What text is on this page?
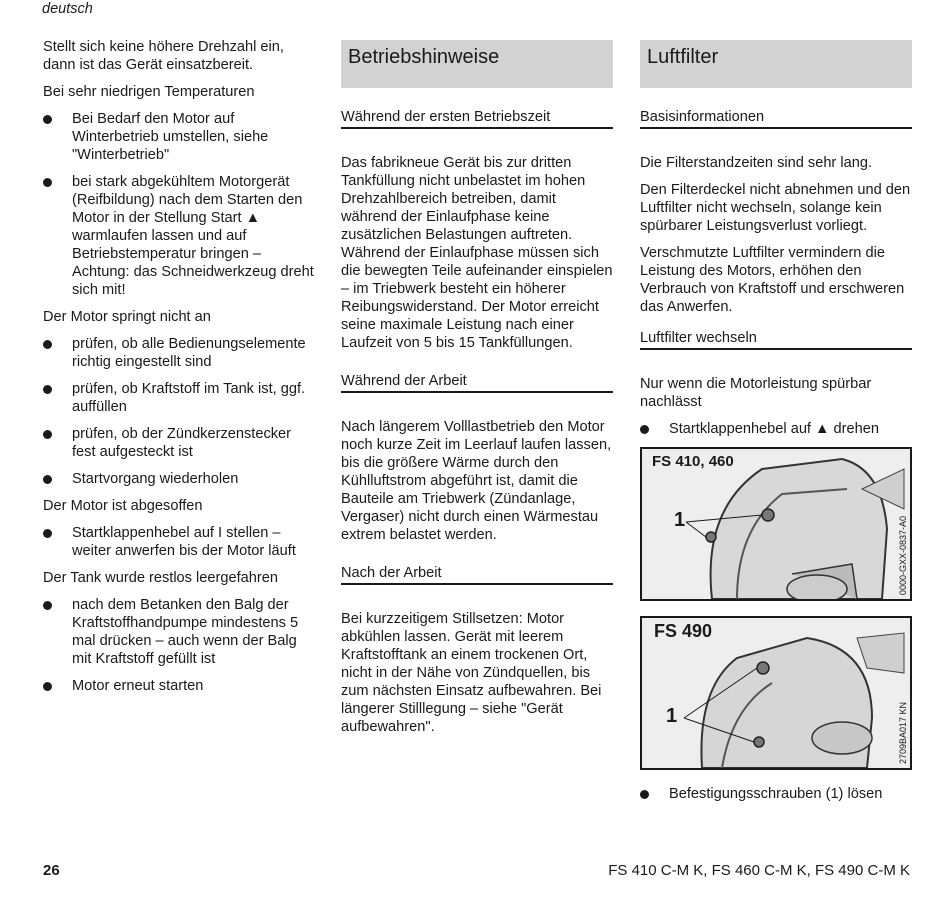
deutsch

Stellt sich keine höhere Drehzahl ein, dann ist das Gerät einsatzbereit.

Bei sehr niedrigen Temperaturen

Bei Bedarf den Motor auf Winterbetrieb umstellen, siehe "Winterbetrieb"
bei stark abgekühltem Motorgerät (Reifbildung) nach dem Starten den Motor in der Stellung Start ▲ warmlaufen lassen und auf Betriebstemperatur bringen – Achtung: das Schneidwerkzeug dreht sich mit!

Der Motor springt nicht an

prüfen, ob alle Bedienungselemente richtig eingestellt sind
prüfen, ob Kraftstoff im Tank ist, ggf. auffüllen
prüfen, ob der Zündkerzenstecker fest aufgesteckt ist
Startvorgang wiederholen

Der Motor ist abgesoffen

Startklappenhebel auf I stellen – weiter anwerfen bis der Motor läuft

Der Tank wurde restlos leergefahren

nach dem Betanken den Balg der Kraftstoffhandpumpe mindestens 5 mal drücken – auch wenn der Balg mit Kraftstoff gefüllt ist
Motor erneut starten
Betriebshinweise
Während der ersten Betriebszeit

Das fabrikneue Gerät bis zur dritten Tankfüllung nicht unbelastet im hohen Drehzahlbereich betreiben, damit während der Einlaufphase keine zusätzlichen Belastungen auftreten. Während der Einlaufphase müssen sich die bewegten Teile aufeinander einspielen – im Triebwerk besteht ein höherer Reibungswiderstand. Der Motor erreicht seine maximale Leistung nach einer Laufzeit von 5 bis 15 Tankfüllungen.

Während der Arbeit

Nach längerem Volllastbetrieb den Motor noch kurze Zeit im Leerlauf laufen lassen, bis die größere Wärme durch den Kühlluftstrom abgeführt ist, damit die Bauteile am Triebwerk (Zündanlage, Vergaser) nicht durch einen Wärmestau extrem belastet werden.

Nach der Arbeit

Bei kurzzeitigem Stillsetzen: Motor abkühlen lassen. Gerät mit leerem Kraftstofftank an einem trockenen Ort, nicht in der Nähe von Zündquellen, bis zum nächsten Einsatz aufbewahren. Bei längerer Stilllegung – siehe "Gerät aufbewahren".

Luftfilter
Basisinformationen

Die Filterstandzeiten sind sehr lang.

Den Filterdeckel nicht abnehmen und den Luftfilter nicht wechseln, solange kein spürbarer Leistungsverlust vorliegt.

Verschmutzte Luftfilter vermindern die Leistung des Motors, erhöhen den Verbrauch von Kraftstoff und erschweren das Anwerfen.

Luftfilter wechseln

Nur wenn die Motorleistung spürbar nachlässt

Startklappenhebel auf ▲ drehen
FS 410, 460
1	0000-GXX-0837-A0
FS 490
1	2709BA017 KN
Befestigungsschrauben (1) lösen
26	FS 410 C-M K, FS 460 C-M K, FS 490 C-M K
